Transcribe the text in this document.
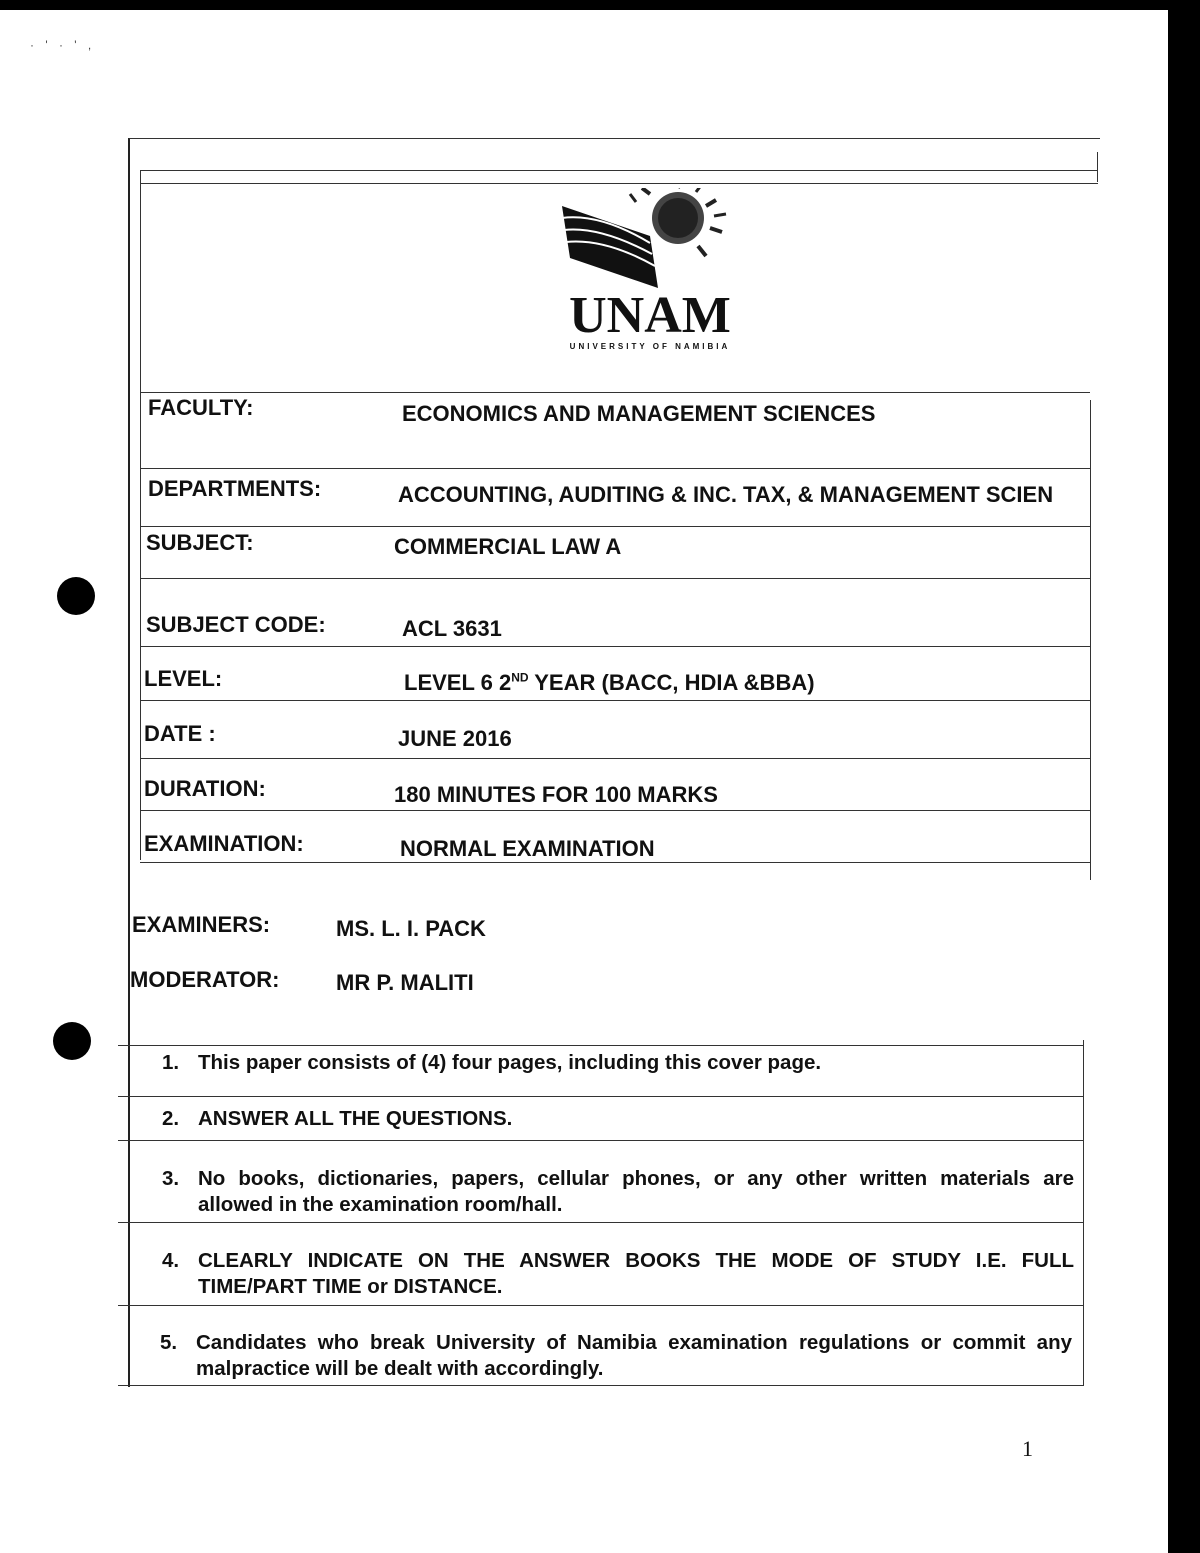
· ' · ' ,
UNAM
UNIVERSITY OF NAMIBIA
FACULTY:	ECONOMICS AND MANAGEMENT SCIENCES
DEPARTMENTS:	ACCOUNTING, AUDITING & INC. TAX, & MANAGEMENT SCIEN
SUBJECT:	COMMERCIAL LAW A
SUBJECT CODE:	ACL 3631
LEVEL:	LEVEL 6 2ND YEAR (BACC, HDIA &BBA)
DATE :	JUNE 2016
DURATION:	180 MINUTES FOR 100 MARKS
EXAMINATION:	NORMAL EXAMINATION
EXAMINERS:	MS. L. I. PACK
MODERATOR:	MR P. MALITI
1. This paper consists of (4) four pages, including this cover page.
2. ANSWER ALL THE QUESTIONS.
3. No books, dictionaries, papers, cellular phones, or any other written materials are allowed in the examination room/hall.
4. CLEARLY INDICATE ON THE ANSWER BOOKS THE MODE OF STUDY I.E. FULL TIME/PART TIME or DISTANCE.
5. Candidates who break University of Namibia examination regulations or commit any malpractice will be dealt with accordingly.
1
